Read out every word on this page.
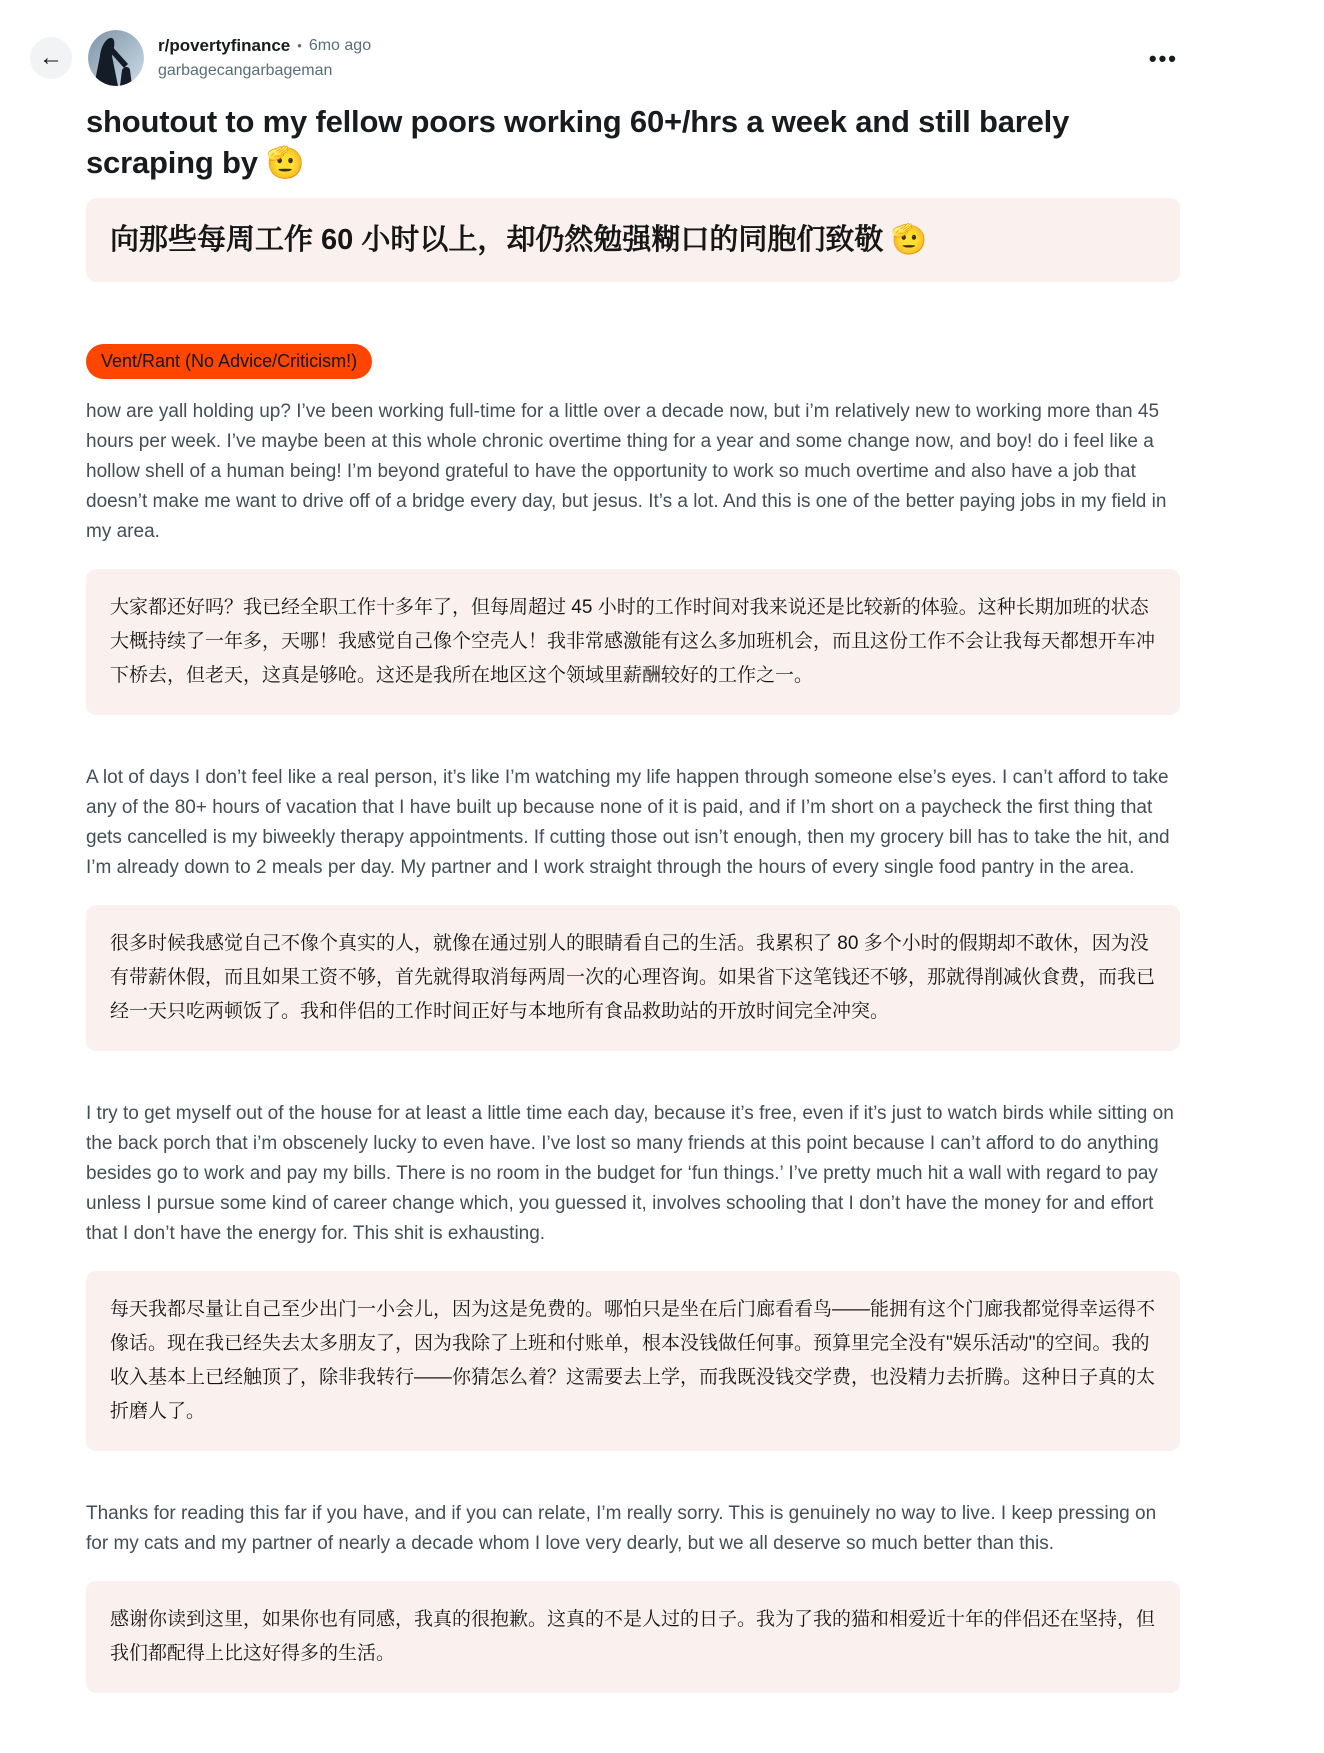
←	r/povertyfinance • 6mo ago
garbagecangarbageman	•••
shoutout to my fellow poors working 60+/hrs a week and still barely scraping by 🫡
向那些每周工作 60 小时以上，却仍然勉强糊口的同胞们致敬 🫡
Vent/Rant (No Advice/Criticism!)

how are yall holding up? I’ve been working full-time for a little over a decade now, but i’m relatively new to working more than 45 hours per week. I’ve maybe been at this whole chronic overtime thing for a year and some change now, and boy! do i feel like a hollow shell of a human being! I’m beyond grateful to have the opportunity to work so much overtime and also have a job that doesn’t make me want to drive off of a bridge every day, but jesus. It’s a lot. And this is one of the better paying jobs in my field in my area.

大家都还好吗？我已经全职工作十多年了，但每周超过 45 小时的工作时间对我来说还是比较新的体验。这种长期加班的状态大概持续了一年多，天哪！我感觉自己像个空壳人！我非常感激能有这么多加班机会，而且这份工作不会让我每天都想开车冲下桥去，但老天，这真是够呛。这还是我所在地区这个领域里薪酬较好的工作之一。

A lot of days I don’t feel like a real person, it’s like I’m watching my life happen through someone else’s eyes. I can’t afford to take any of the 80+ hours of vacation that I have built up because none of it is paid, and if I’m short on a paycheck the first thing that gets cancelled is my biweekly therapy appointments. If cutting those out isn’t enough, then my grocery bill has to take the hit, and I’m already down to 2 meals per day. My partner and I work straight through the hours of every single food pantry in the area.

很多时候我感觉自己不像个真实的人，就像在通过别人的眼睛看自己的生活。我累积了 80 多个小时的假期却不敢休，因为没有带薪休假，而且如果工资不够，首先就得取消每两周一次的心理咨询。如果省下这笔钱还不够，那就得削减伙食费，而我已经一天只吃两顿饭了。我和伴侣的工作时间正好与本地所有食品救助站的开放时间完全冲突。

I try to get myself out of the house for at least a little time each day, because it’s free, even if it’s just to watch birds while sitting on the back porch that i’m obscenely lucky to even have. I’ve lost so many friends at this point because I can’t afford to do anything besides go to work and pay my bills. There is no room in the budget for ‘fun things.’ I’ve pretty much hit a wall with regard to pay unless I pursue some kind of career change which, you guessed it, involves schooling that I don’t have the money for and effort that I don’t have the energy for. This shit is exhausting.

每天我都尽量让自己至少出门一小会儿，因为这是免费的。哪怕只是坐在后门廊看看鸟——能拥有这个门廊我都觉得幸运得不像话。现在我已经失去太多朋友了，因为我除了上班和付账单，根本没钱做任何事。预算里完全没有"娱乐活动"的空间。我的收入基本上已经触顶了，除非我转行——你猜怎么着？这需要去上学，而我既没钱交学费，也没精力去折腾。这种日子真的太折磨人了。

Thanks for reading this far if you have, and if you can relate, I’m really sorry. This is genuinely no way to live. I keep pressing on for my cats and my partner of nearly a decade whom I love very dearly, but we all deserve so much better than this.

感谢你读到这里，如果你也有同感，我真的很抱歉。这真的不是人过的日子。我为了我的猫和相爱近十年的伴侣还在坚持，但我们都配得上比这好得多的生活。
